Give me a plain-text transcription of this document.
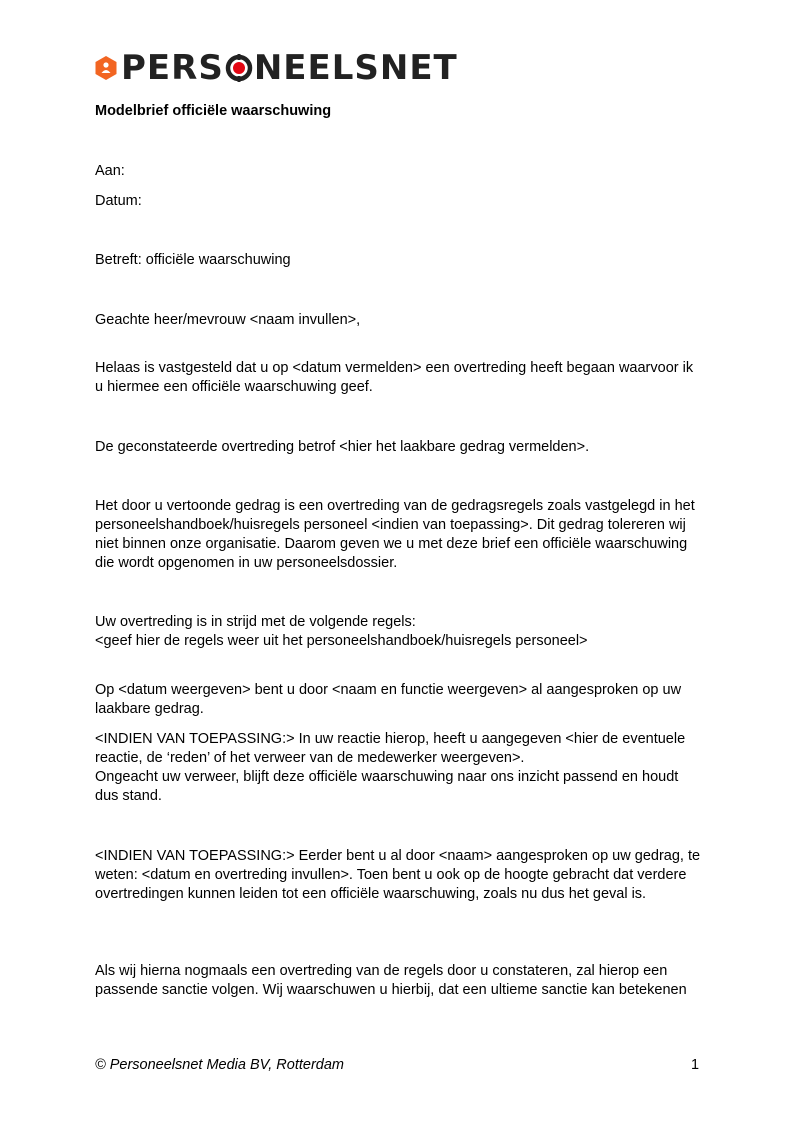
PERS NEELSNET
Modelbrief officiële waarschuwing

Aan:

Datum:

Betreft: officiële waarschuwing

Geachte heer/mevrouw <naam invullen>,

Helaas is vastgesteld dat u op <datum vermelden> een overtreding heeft begaan waarvoor ik u hiermee een officiële waarschuwing geef.

De geconstateerde overtreding betrof <hier het laakbare gedrag vermelden>.

Het door u vertoonde gedrag is een overtreding van de gedragsregels zoals vastgelegd in het personeelshandboek/huisregels personeel <indien van toepassing>. Dit gedrag tolereren wij niet binnen onze organisatie. Daarom geven we u met deze brief een officiële waarschuwing die wordt opgenomen in uw personeelsdossier.

Uw overtreding is in strijd met de volgende regels:

<geef hier de regels weer uit het personeelshandboek/huisregels personeel>

Op <datum weergeven> bent u door <naam en functie weergeven> al aangesproken op uw laakbare gedrag.

<INDIEN VAN TOEPASSING:> In uw reactie hierop, heeft u aangegeven <hier de eventuele reactie, de ‘reden’ of het verweer van de medewerker weergeven>.

Ongeacht uw verweer, blijft deze officiële waarschuwing naar ons inzicht passend en houdt dus stand.

<INDIEN VAN TOEPASSING:> Eerder bent u al door <naam> aangesproken op uw gedrag, te weten: <datum en overtreding invullen>. Toen bent u ook op de hoogte gebracht dat verdere overtredingen kunnen leiden tot een officiële waarschuwing, zoals nu dus het geval is.

Als wij hierna nogmaals een overtreding van de regels door u constateren, zal hierop een passende sanctie volgen. Wij waarschuwen u hierbij, dat een ultieme sanctie kan betekenen

© Personeelsnet Media BV, Rotterdam	1
